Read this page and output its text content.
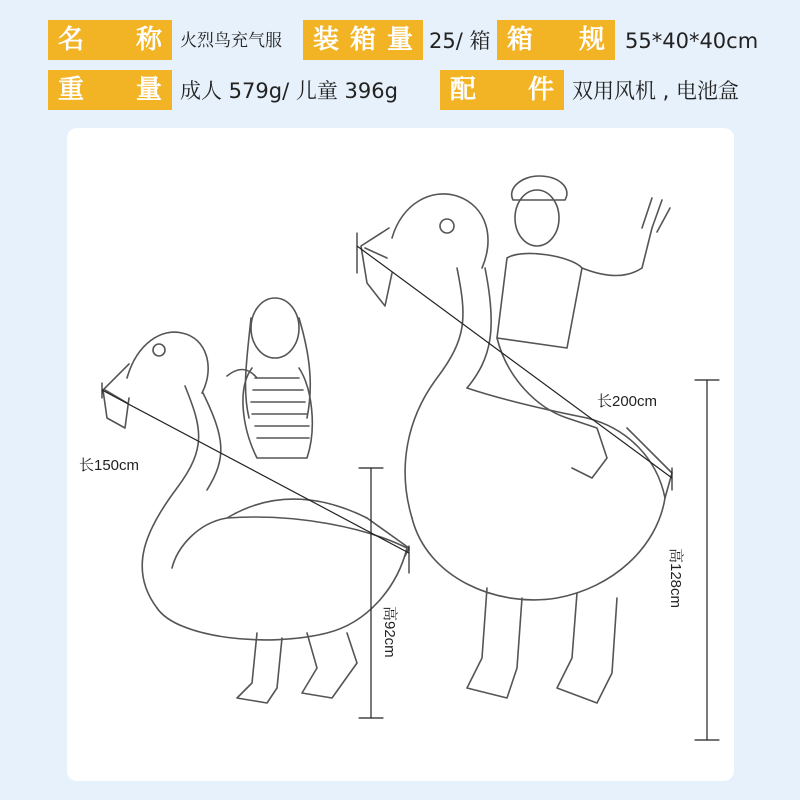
名 称 火烈鸟充气服 装 箱 量 25/ 箱 箱 规 55*40*40cm
重 量 成人 579g/ 儿童 396g 配 件 双用风机 , 电池盒
长150cm
高92cm
长200cm
高128cm
